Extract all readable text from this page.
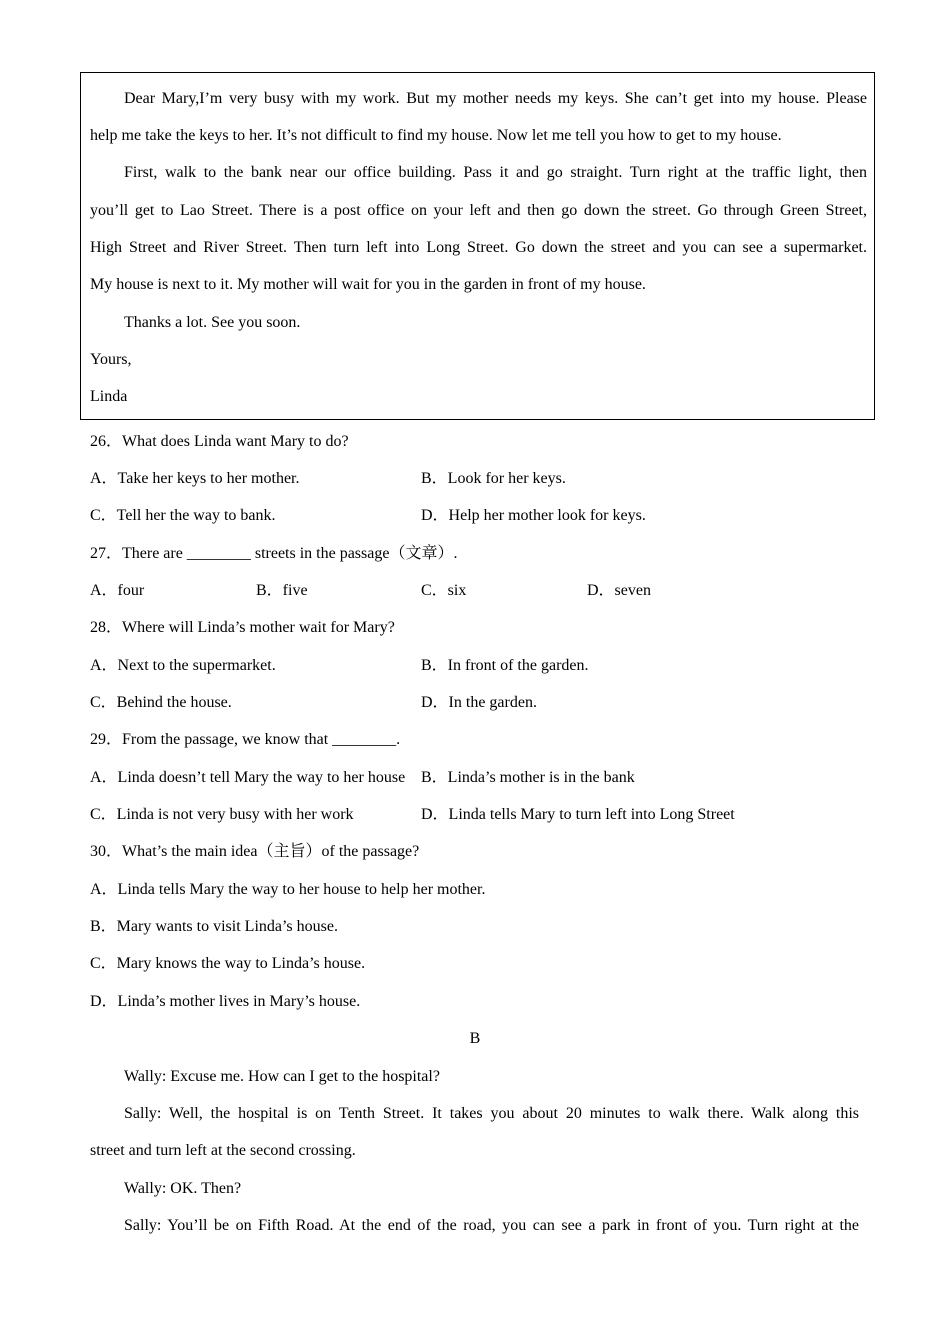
Dear Mary,I’m very busy with my work. But my mother needs my keys. She can’t get into my house. Please
help me take the keys to her. It’s not difficult to find my house. Now let me tell you how to get to my house.
First, walk to the bank near our office building. Pass it and go straight. Turn right at the traffic light, then
you’ll get to Lao Street. There is a post office on your left and then go down the street. Go through Green Street,
High Street and River Street. Then turn left into Long Street. Go down the street and you can see a supermarket.
My house is next to it. My mother will wait for you in the garden in front of my house.
Thanks a lot. See you soon.
Yours,
Linda
26．What does Linda want Mary to do?
A．Take her keys to her mother.	B．Look for her keys.
C．Tell her the way to bank.	D．Help her mother look for keys.
27．There are ________ streets in the passage（文章）.
A．four	B．five	C．six	D．seven
28．Where will Linda’s mother wait for Mary?
A．Next to the supermarket.	B．In front of the garden.
C．Behind the house.	D．In the garden.
29．From the passage, we know that ________.
A．Linda doesn’t tell Mary the way to her house B．Linda’s mother is in the bank
C．Linda is not very busy with her work	D．Linda tells Mary to turn left into Long Street
30．What’s the main idea（主旨）of the passage?
A．Linda tells Mary the way to her house to help her mother.
B．Mary wants to visit Linda’s house.
C．Mary knows the way to Linda’s house.
D．Linda’s mother lives in Mary’s house.
B
Wally: Excuse me. How can I get to the hospital?
Sally: Well, the hospital is on Tenth Street. It takes you about 20 minutes to walk there. Walk along this
street and turn left at the second crossing.
Wally: OK. Then?
Sally: You’ll be on Fifth Road. At the end of the road, you can see a park in front of you. Turn right at the
